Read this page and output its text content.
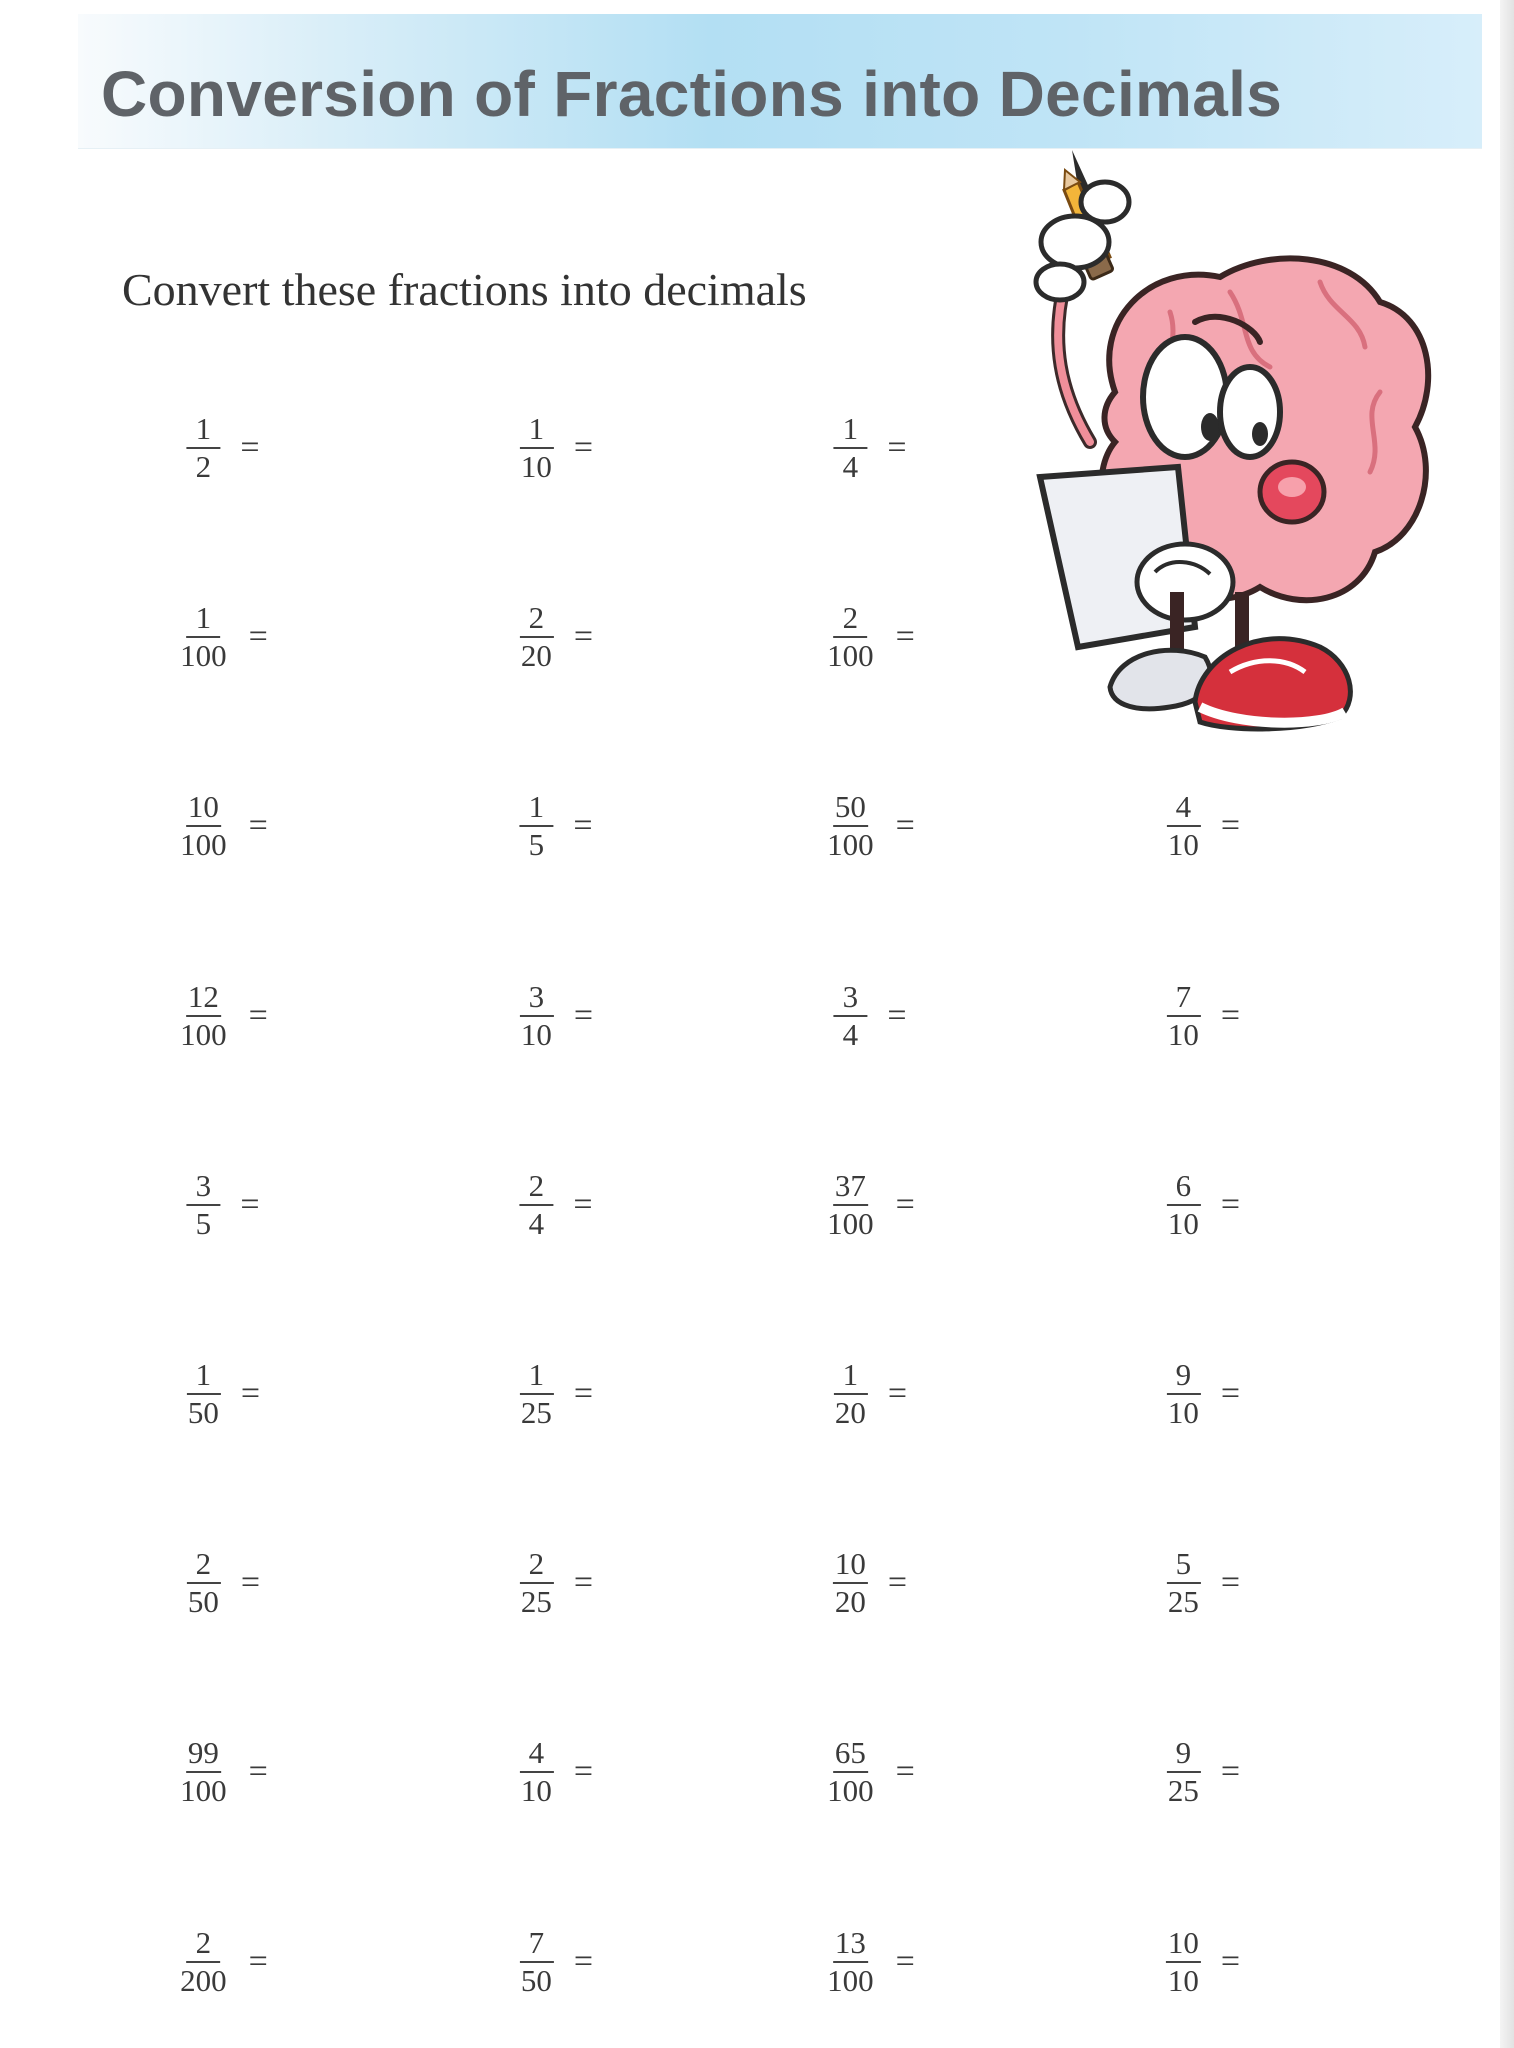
Conversion of Fractions into Decimals
Convert these fractions into decimals
$\frac{1}{2}$ =	$\frac{1}{10}$ =	$\frac{1}{4}$ =
$\frac{1}{100}$ =	$\frac{2}{20}$ =	$\frac{2}{100}$ =
$\frac{10}{100}$ =	$\frac{1}{5}$ =	$\frac{50}{100}$ =	$\frac{4}{10}$ =
$\frac{12}{100}$ =	$\frac{3}{10}$ =	$\frac{3}{4}$ =	$\frac{7}{10}$ =
$\frac{3}{5}$ =	$\frac{2}{4}$ =	$\frac{37}{100}$ =	$\frac{6}{10}$ =
$\frac{1}{50}$ =	$\frac{1}{25}$ =	$\frac{1}{20}$ =	$\frac{9}{10}$ =
$\frac{2}{50}$ =	$\frac{2}{25}$ =	$\frac{10}{20}$ =	$\frac{5}{25}$ =
$\frac{99}{100}$ =	$\frac{4}{10}$ =	$\frac{65}{100}$ =	$\frac{9}{25}$ =
$\frac{2}{200}$ =	$\frac{7}{50}$ =	$\frac{13}{100}$ =	$\frac{10}{10}$ =
